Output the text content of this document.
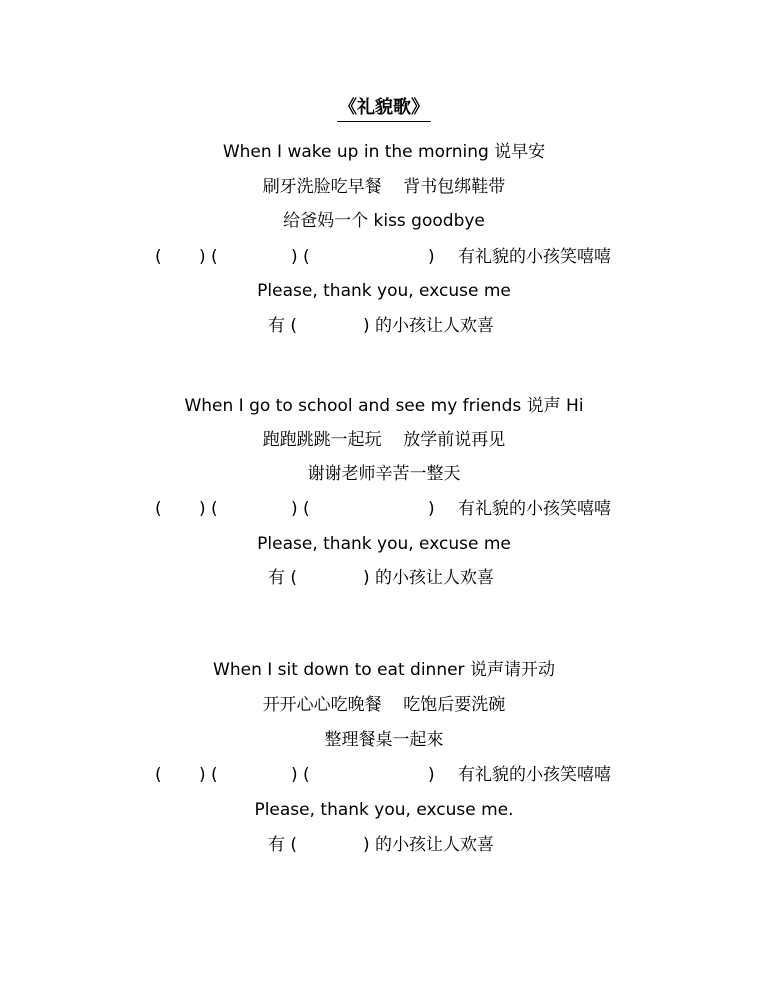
《礼貌歌》
When I wake up in the morning 说早安
刷牙洗脸吃早餐    背书包绑鞋带
给爸妈一个 kiss goodbye
( ) (	) (	) 有礼貌的小孩笑嘻嘻
Please, thank you, excuse me
有 (	) 的小孩让人欢喜
When I go to school and see my friends 说声 Hi
跑跑跳跳一起玩    放学前说再见
谢谢老师辛苦一整天
( ) (	) (	) 有礼貌的小孩笑嘻嘻
Please, thank you, excuse me
有 (	) 的小孩让人欢喜
When I sit down to eat dinner 说声请开动
开开心心吃晚餐    吃饱后要洗碗
整理餐桌一起來
( ) (	) (	) 有礼貌的小孩笑嘻嘻
Please, thank you, excuse me.
有 (	) 的小孩让人欢喜
